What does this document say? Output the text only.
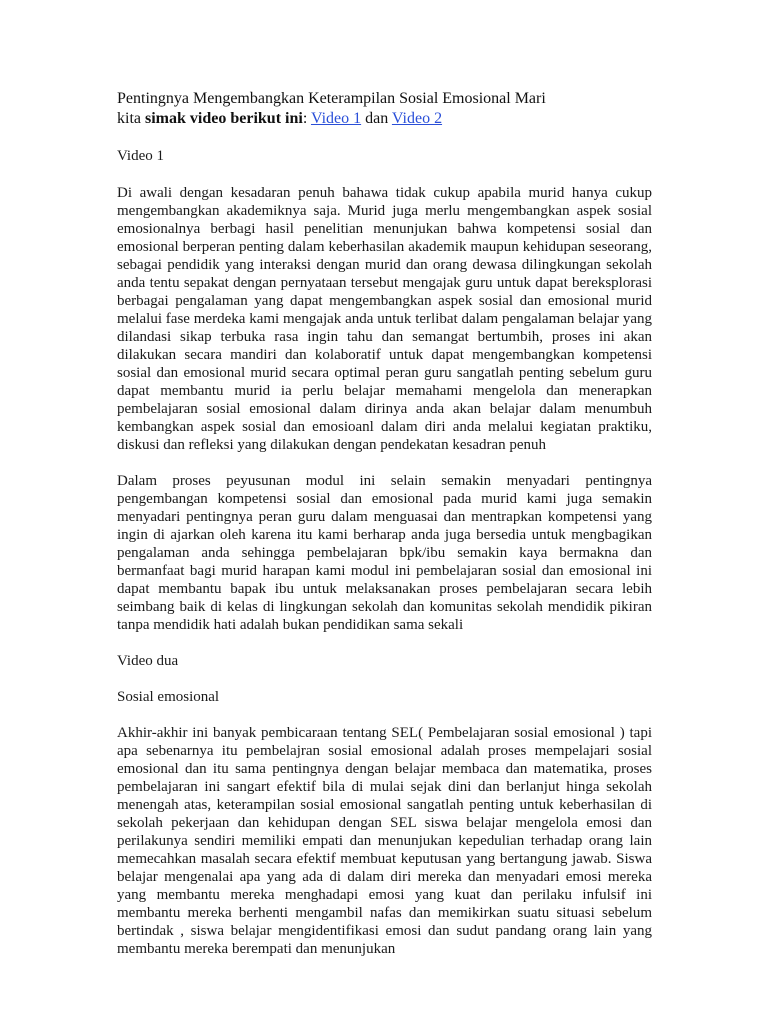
Pentingnya Mengembangkan Keterampilan Sosial Emosional Mari
kita simak video berikut ini: Video 1 dan Video 2

Video 1

Di awali dengan kesadaran penuh bahawa tidak cukup apabila murid hanya cukup mengembangkan akademiknya saja. Murid juga merlu mengembangkan aspek sosial emosionalnya berbagi hasil penelitian menunjukan bahwa kompetensi sosial dan emosional berperan penting dalam keberhasilan akademik maupun kehidupan seseorang, sebagai pendidik yang interaksi dengan murid dan orang dewasa dilingkungan sekolah anda tentu sepakat dengan pernyataan tersebut mengajak guru untuk dapat bereksplorasi berbagai pengalaman yang dapat mengembangkan aspek sosial dan emosional murid melalui fase merdeka kami mengajak anda untuk terlibat dalam pengalaman belajar yang dilandasi sikap terbuka rasa ingin tahu dan semangat bertumbih, proses ini akan dilakukan secara mandiri dan kolaboratif untuk dapat mengembangkan kompetensi sosial dan emosional murid secara optimal peran guru sangatlah penting sebelum guru dapat membantu murid ia perlu belajar memahami mengelola dan menerapkan pembelajaran sosial emosional dalam dirinya anda akan belajar dalam menumbuh kembangkan aspek sosial dan emosioanl dalam diri anda melalui kegiatan praktiku, diskusi dan refleksi yang dilakukan dengan pendekatan kesadran penuh

Dalam proses peyusunan modul ini selain semakin menyadari pentingnya pengembangan kompetensi sosial dan emosional pada murid kami juga semakin menyadari pentingnya peran guru dalam menguasai dan mentrapkan kompetensi yang ingin di ajarkan oleh karena itu kami berharap anda juga bersedia untuk mengbagikan pengalaman anda sehingga pembelajaran bpk/ibu semakin kaya bermakna dan bermanfaat bagi murid harapan kami modul ini pembelajaran sosial dan emosional ini dapat membantu bapak ibu untuk melaksanakan proses pembelajaran secara lebih seimbang baik di kelas di lingkungan sekolah dan komunitas sekolah mendidik pikiran tanpa mendidik hati adalah bukan pendidikan sama sekali

Video dua

Sosial emosional

Akhir-akhir ini banyak pembicaraan tentang SEL( Pembelajaran sosial emosional ) tapi apa sebenarnya itu pembelajran sosial emosional adalah proses mempelajari sosial emosional dan itu sama pentingnya dengan belajar membaca dan matematika, proses pembelajaran ini sangart efektif bila di mulai sejak dini dan berlanjut hinga sekolah menengah atas, keterampilan sosial emosional sangatlah penting untuk keberhasilan di sekolah pekerjaan dan kehidupan dengan SEL siswa belajar mengelola emosi dan perilakunya sendiri memiliki empati dan menunjukan kepedulian terhadap orang lain memecahkan masalah secara efektif membuat keputusan yang bertangung jawab. Siswa belajar mengenalai apa yang ada di dalam diri mereka dan menyadari emosi mereka yang membantu mereka menghadapi emosi yang kuat dan perilaku infulsif ini membantu mereka berhenti mengambil nafas dan memikirkan suatu situasi sebelum bertindak , siswa belajar mengidentifikasi emosi dan sudut pandang orang lain yang membantu mereka berempati dan menunjukan
